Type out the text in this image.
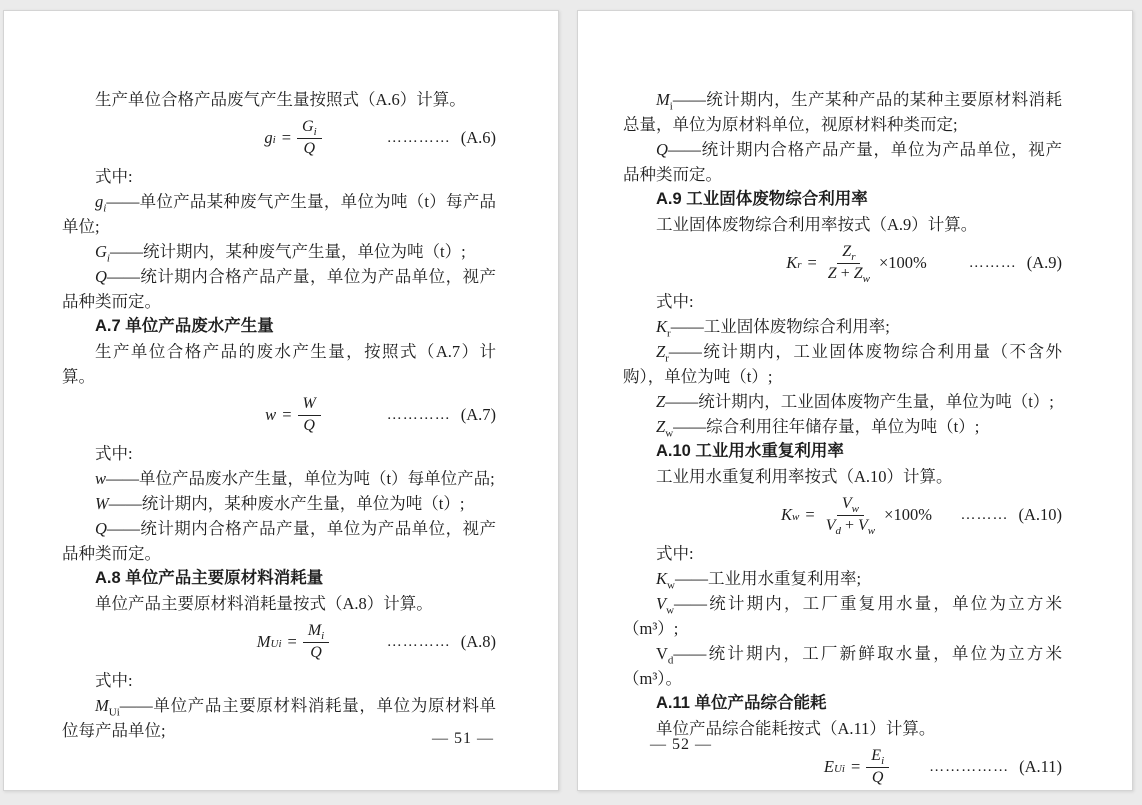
生产单位合格产品废气产生量按照式（A.6）计算。

g $i = \frac{G_i}{Q}$	………… (A.6)

式中:

$g_i——$单位产品某种废气产生量，单位为吨（t）每产品单位;

$G_i——$统计期内，某种废气产生量，单位为吨（t）;

Q——统计期内合格产品产量，单位为产品单位，视产品种类而定。

A.7 单位产品废水产生量

生产单位合格产品的废水产生量，按照式（A.7）计算。

$w = \frac{W}{Q}$	………… (A.7)

式中:

w——单位产品废水产生量，单位为吨（t）每单位产品;

W——统计期内，某种废水产生量，单位为吨（t）;

Q——统计期内合格产品产量，单位为产品单位，视产品种类而定。

A.8 单位产品主要原材料消耗量

单位产品主要原材料消耗量按式（A.8）计算。

M $Ui = \frac{M_i}{Q}$	………… (A.8)

式中:

$M_{Ui}——$单位产品主要原材料消耗量，单位为原材料单位每产品单位;	— 51 —

$M_i——$统计期内，生产某种产品的某种主要原材料消耗总量，单位为原材料单位，视原材料种类而定;

Q——统计期内合格产品产量，单位为产品单位，视产品种类而定。

A.9 工业固体废物综合利用率

工业固体废物综合利用率按式（A.9）计算。

K $r = \frac{Z_r}{Z + Z_w} \times 100\%$	……… (A.9)

式中:

$K_r——$工业固体废物综合利用率;

$Z_r——$统计期内，工业固体废物综合利用量（不含外购），单位为吨（t）;

Z——统计期内，工业固体废物产生量，单位为吨（t）;

$Z_w——$综合利用往年储存量，单位为吨（t）;

A.10 工业用水重复利用率

工业用水重复利用率按式（A.10）计算。

K $w = \frac{V_w}{V_d + V_w} \times 100\%$ ……… (A.10)

式中:

$K_w——$工业用水重复利用率;

$V_w——$统计期内，工厂重复用水量，单位为立方米（m³）;

$V_d——$统计期内，工厂新鲜取水量，单位为立方米（m³）。

A.11 单位产品综合能耗

单位产品综合能耗按式（A.11）计算。

E $Ui = \frac{E_i}{Q}$	…………… (A.11)
— 52 —
